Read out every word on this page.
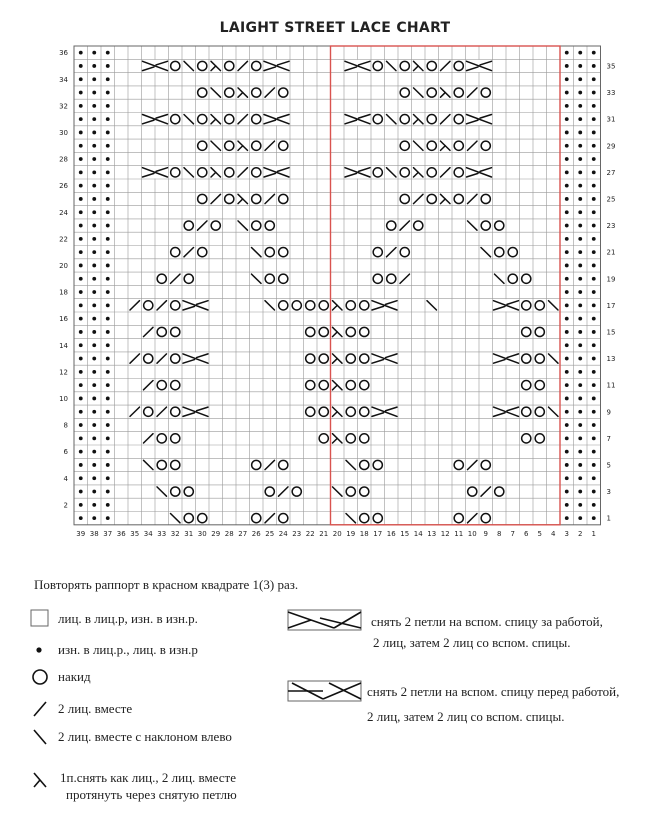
LAIGHT STREET LACE CHART
2
4
6
8
10
12
14
16
18
20
22
24
26
28
30
32
34
36
1
3
5
7
9
11
13
15
17
19
21
23
25
27
29
31
33
35
39 38 37 36 35 34 33 32 31 30 29 28 27 26 25 24 23 22 21 20 19 18 17 16 15 14 13 12 11 10 9 8 7 6 5 4 3 2 1
Повторять раппорт в красном квадрате 1(3) раз.
лиц. в лиц.р, изн. в изн.р.
изн. в лиц.р., лиц. в изн.р
накид
2 лиц. вместе
2 лиц. вместе с наклоном влево
1п.снять как лиц., 2 лиц. вместе
протянуть через снятую петлю
снять 2 петли на вспом. спицу за работой,
2 лиц, затем 2 лиц со вспом. спицы.
снять 2 петли на вспом. спицу перед работой,
2 лиц, затем 2 лиц со вспом. спицы.
